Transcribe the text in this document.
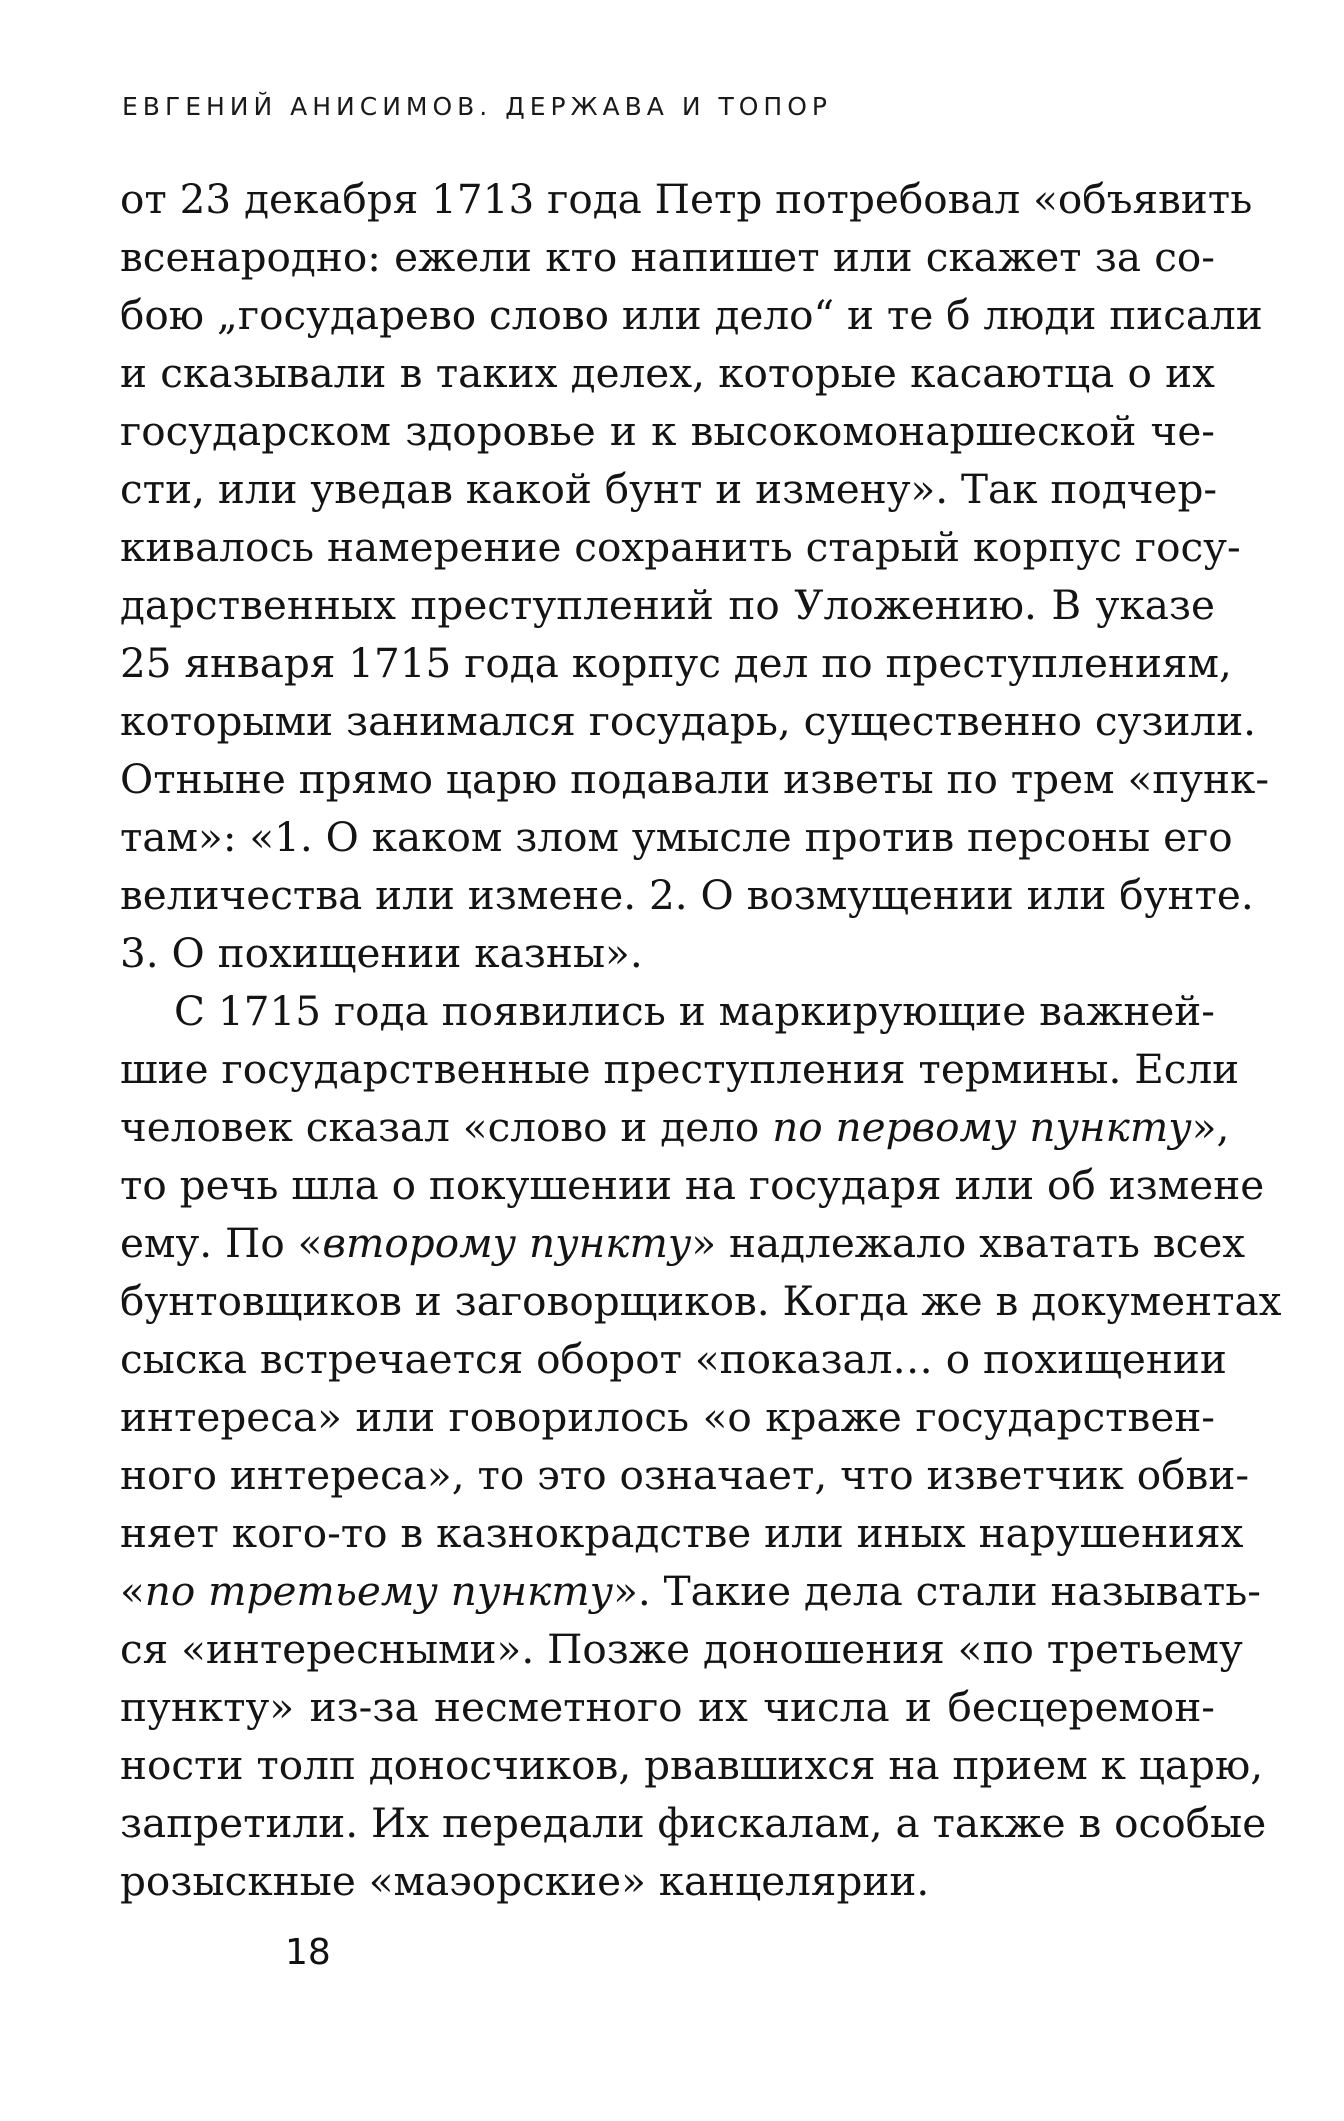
ЕВГЕНИЙ АНИСИМОВ. ДЕРЖАВА И ТОПОР
от 23 декабря 1713 года Петр потребовал «объявить
всенародно: ежели кто напишет или скажет за со-
бою „государево слово или дело“ и те б люди писали
и сказывали в таких делех, которые касаютца о их
государском здоровье и к высокомонаршеской че-
сти, или уведав какой бунт и измену». Так подчер-
кивалось намерение сохранить старый корпус госу-
дарственных преступлений по Уложению. В указе
25 января 1715 года корпус дел по преступлениям,
которыми занимался государь, существенно сузили.
Отныне прямо царю подавали изветы по трем «пунк-
там»: «1. О каком злом умысле против персоны его
величества или измене. 2. О возмущении или бунте.
3. О похищении казны».
С 1715 года появились и маркирующие важней-
шие государственные преступления термины. Если
человек сказал «слово и дело по первому пункту»,
то речь шла о покушении на государя или об измене
ему. По «второму пункту» надлежало хватать всех
бунтовщиков и заговорщиков. Когда же в документах
сыска встречается оборот «показал… о похищении
интереса» или говорилось «о краже государствен-
ного интереса», то это означает, что изветчик обви-
няет кого-то в казнокрадстве или иных нарушениях
«по третьему пункту». Такие дела стали называть-
ся «интересными». Позже доношения «по третьему
пункту» из-за несметного их числа и бесцеремон-
ности толп доносчиков, рвавшихся на прием к царю,
запретили. Их передали фискалам, а также в особые
розыскные «маэорские» канцелярии.
18
